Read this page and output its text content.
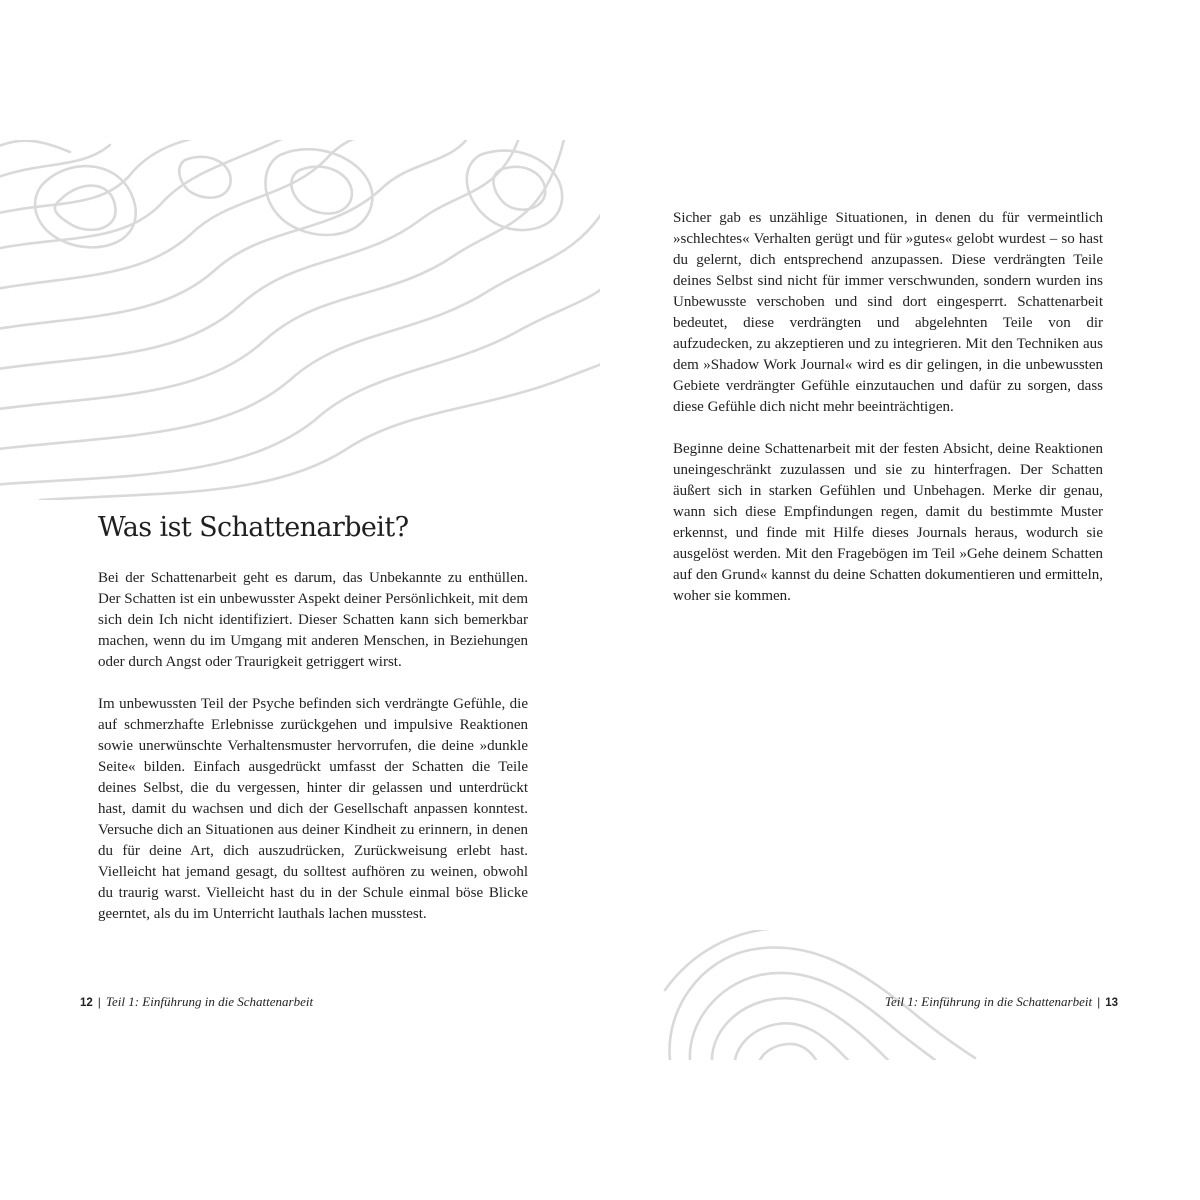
Was ist Schattenarbeit?

Bei der Schattenarbeit geht es darum, das Unbekannte zu enthüllen. Der Schatten ist ein unbewusster Aspekt deiner Persönlichkeit, mit dem sich dein Ich nicht identifiziert. Dieser Schatten kann sich bemerkbar machen, wenn du im Umgang mit anderen Menschen, in Beziehungen oder durch Angst oder Traurigkeit getriggert wirst.

Im unbewussten Teil der Psyche befinden sich verdrängte Gefühle, die auf schmerzhafte Erlebnisse zurückgehen und impulsive Reaktionen sowie unerwünschte Verhaltensmuster hervorrufen, die deine »dunkle Seite« bilden. Einfach ausgedrückt umfasst der Schatten die Teile deines Selbst, die du vergessen, hinter dir gelassen und unterdrückt hast, damit du wachsen und dich der Gesellschaft anpassen konntest. Versuche dich an Situationen aus deiner Kindheit zu erinnern, in denen du für deine Art, dich auszudrücken, Zurückweisung erlebt hast. Vielleicht hat jemand gesagt, du solltest aufhören zu weinen, obwohl du traurig warst. Vielleicht hast du in der Schule einmal böse Blicke geerntet, als du im Unterricht lauthals lachen musstest.

12 | Teil 1: Einführung in die Schattenarbeit

Sicher gab es unzählige Situationen, in denen du für vermeintlich »schlechtes« Verhalten gerügt und für »gutes« gelobt wurdest – so hast du gelernt, dich entsprechend anzupassen. Diese verdrängten Teile deines Selbst sind nicht für immer verschwunden, sondern wurden ins Unbewusste verschoben und sind dort eingesperrt. Schattenarbeit bedeutet, diese verdrängten und abgelehnten Teile von dir aufzudecken, zu akzeptieren und zu integrieren. Mit den Techniken aus dem »Shadow Work Journal« wird es dir gelingen, in die unbewussten Gebiete verdrängter Gefühle einzutauchen und dafür zu sorgen, dass diese Gefühle dich nicht mehr beeinträchtigen.

Beginne deine Schattenarbeit mit der festen Absicht, deine Reaktionen uneingeschränkt zuzulassen und sie zu hinterfragen. Der Schatten äußert sich in starken Gefühlen und Unbehagen. Merke dir genau, wann sich diese Empfindungen regen, damit du bestimmte Muster erkennst, und finde mit Hilfe dieses Journals heraus, wodurch sie ausgelöst werden. Mit den Fragebögen im Teil »Gehe deinem Schatten auf den Grund« kannst du deine Schatten dokumentieren und ermitteln, woher sie kommen.

Teil 1: Einführung in die Schattenarbeit | 13
